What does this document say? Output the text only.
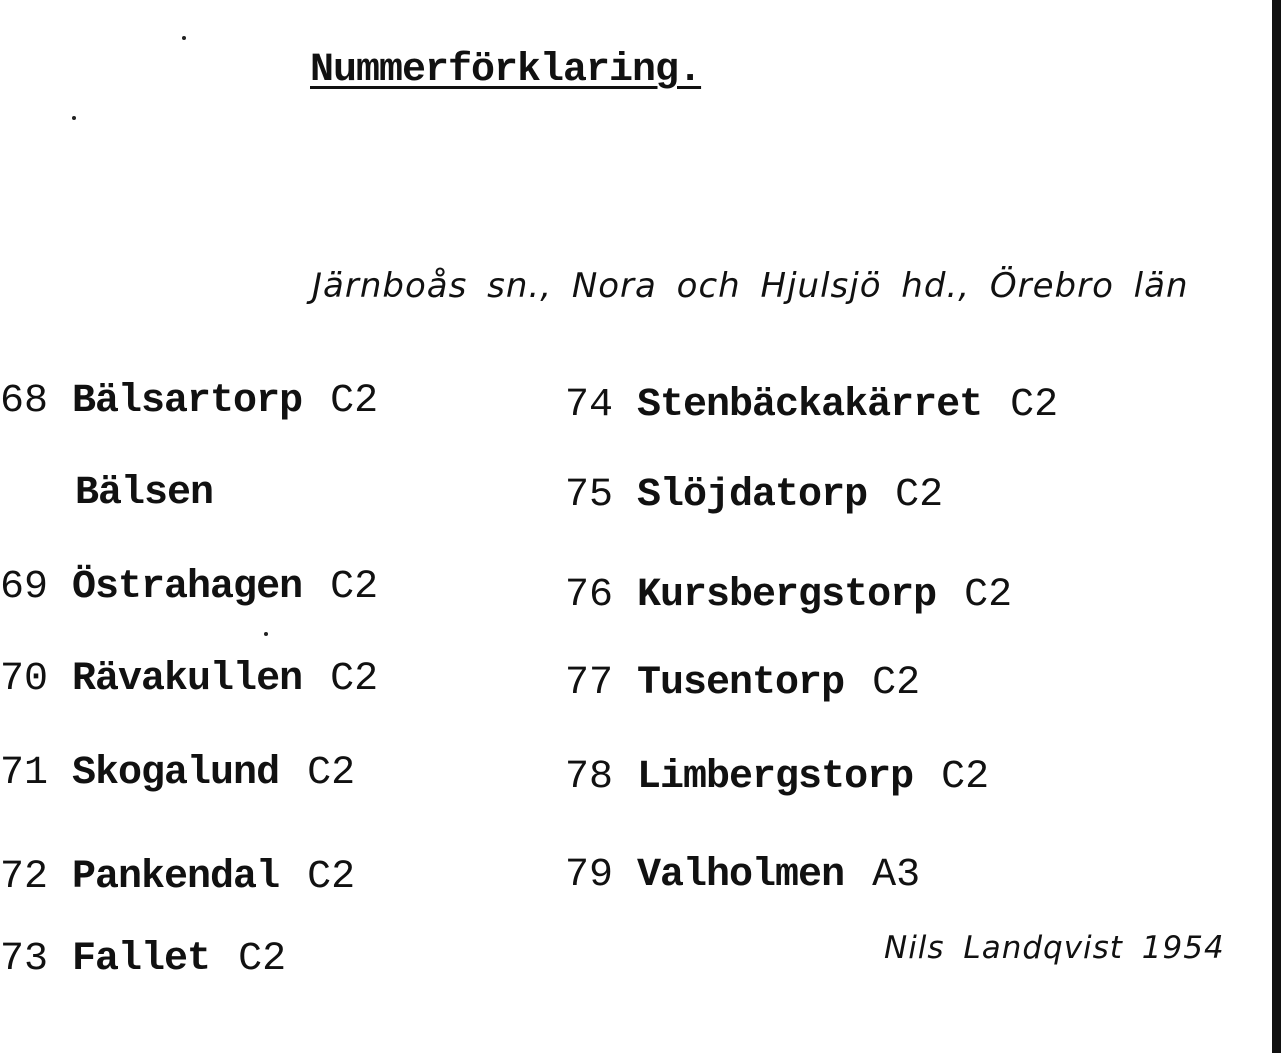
Nummerförklaring.
Järnboås sn., Nora och Hjulsjö hd., Örebro län
68 Bälsartorp C2
Bälsen
69 Östrahagen C2
70 Rävakullen C2
71 Skogalund C2
72 Pankendal C2
73 Fallet C2
74 Stenbäckakärret C2
75 Slöjdatorp C2
76 Kursbergstorp C2
77 Tusentorp C2
78 Limbergstorp C2
79 Valholmen A3
Nils Landqvist 1954
